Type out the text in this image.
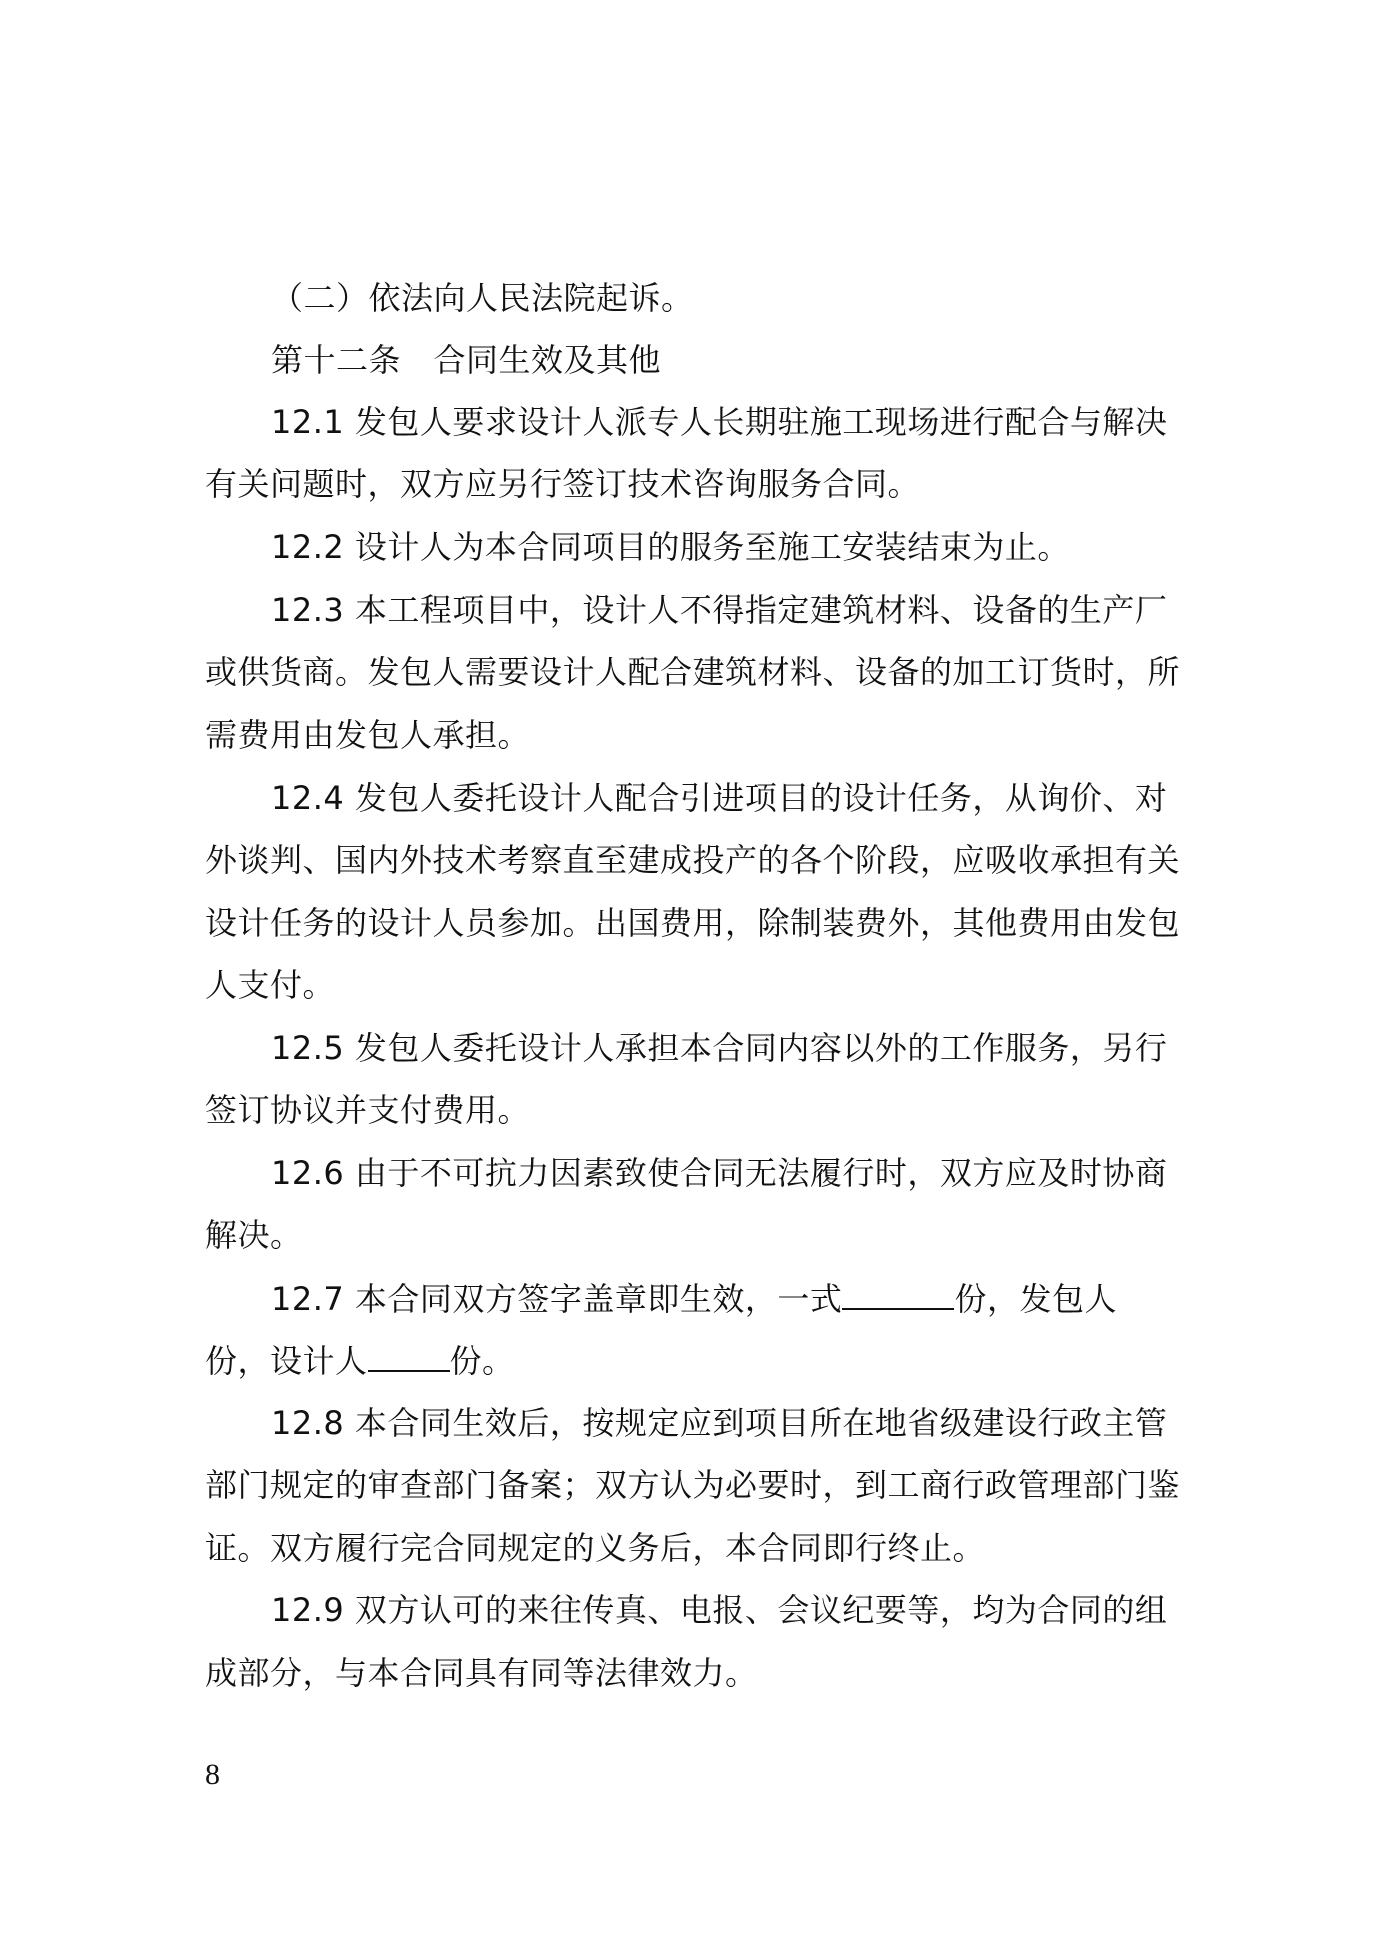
（二）依法向人民法院起诉。
第十二条　合同生效及其他
12.1 发包人要求设计人派专人长期驻施工现场进行配合与解决
有关问题时，双方应另行签订技术咨询服务合同。
12.2 设计人为本合同项目的服务至施工安装结束为止。
12.3 本工程项目中，设计人不得指定建筑材料、设备的生产厂
或供货商。发包人需要设计人配合建筑材料、设备的加工订货时，所
需费用由发包人承担。
12.4 发包人委托设计人配合引进项目的设计任务，从询价、对
外谈判、国内外技术考察直至建成投产的各个阶段，应吸收承担有关
设计任务的设计人员参加。出国费用，除制装费外，其他费用由发包
人支付。
12.5 发包人委托设计人承担本合同内容以外的工作服务，另行
签订协议并支付费用。
12.6 由于不可抗力因素致使合同无法履行时，双方应及时协商
解决。
12.7 本合同双方签字盖章即生效，一式	份，发包人
份，设计人	份。
12.8 本合同生效后，按规定应到项目所在地省级建设行政主管
部门规定的审查部门备案；双方认为必要时，到工商行政管理部门鉴
证。双方履行完合同规定的义务后，本合同即行终止。
12.9 双方认可的来往传真、电报、会议纪要等，均为合同的组
成部分，与本合同具有同等法律效力。
8
